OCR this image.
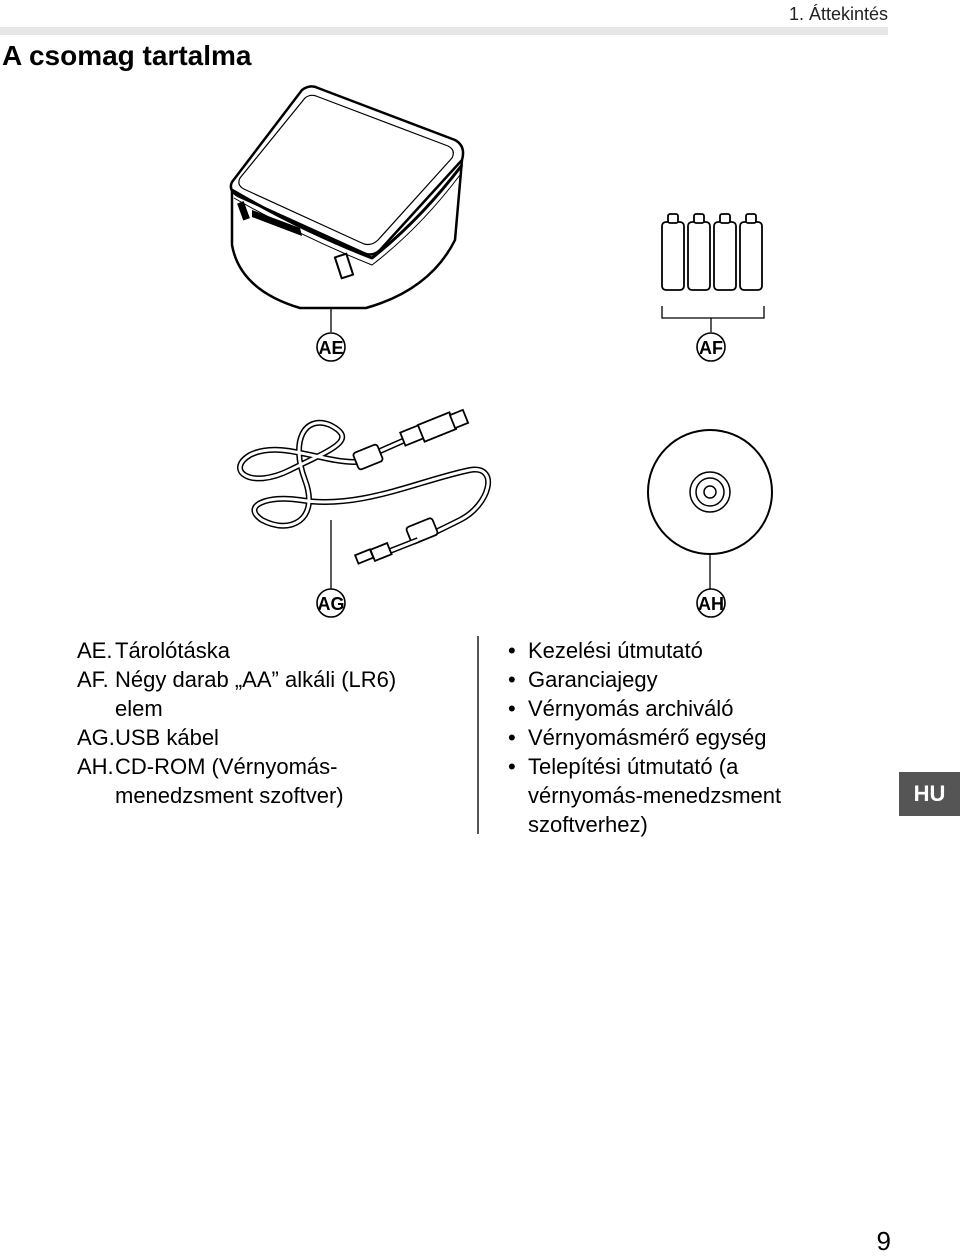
1. Áttekintés
A csomag tartalma
AE	AF
AG	AH
AE. Tárolótáska
AF. Négy darab „AA” alkáli (LR6)
elem
AG. USB kábel
AH. CD-ROM (Vérnyomás-
menedzsment szoftver)
• Kezelési útmutató
• Garanciajegy
• Vérnyomás archiváló
• Vérnyomásmérő egység
• Telepítési útmutató (a
vérnyomás-menedzsment
szoftverhez)
HU
9
